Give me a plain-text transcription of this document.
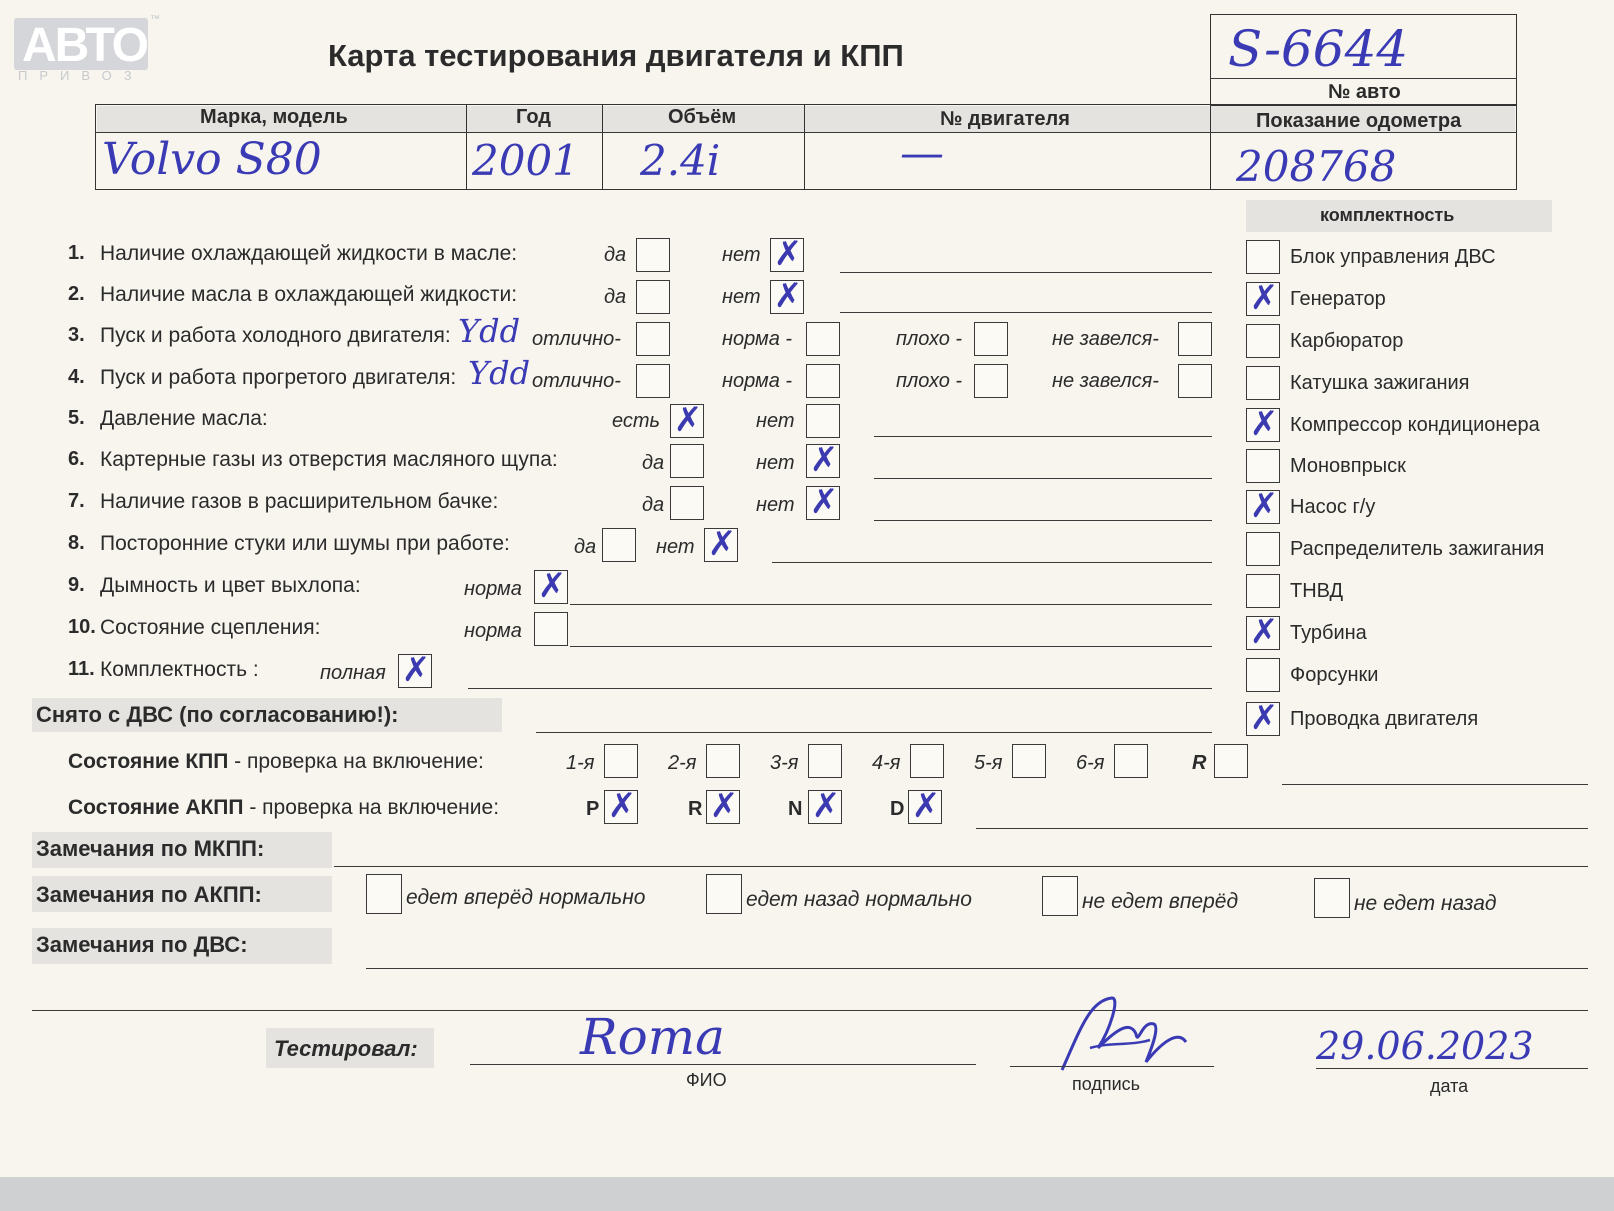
АВТО ™
ПРИВОЗ
Карта тестирования двигателя и КПП	S-6644
№ авто
Марка, модель	Год	Объём	№ двигателя	Показание одометра
Volvo S80	2001 2.4i	—	208768
комплектность
Блок управления ДВС
✗ Генератор
Карбюратор
Катушка зажигания
✗ Компрессор кондиционера
Моновпрыск
✗ Насос г/у
Распределитель зажигания
ТНВД
✗ Турбина
Форсунки
✗ Проводка двигателя
1. Наличие охлаждающей жидкости в масле:	да	нет ✗
2. Наличие масла в охлаждающей жидкости:	да	нет ✗
3. Пуск и работа холодного двигателя: Ydd отлично-	норма -	плохо -	не завелся-
4. Пуск и работа прогретого двигателя: Ydd отлично-	норма -	плохо -	не завелся-
5. Давление масла:	есть ✗	нет
6. Картерные газы из отверстия масляного щупа:	да	нет ✗
7. Наличие газов в расширительном бачке:	да	нет ✗
8. Посторонние стуки или шумы при работе:	да	нет ✗
9. Дымность и цвет выхлопа:	норма ✗
10. Состояние сцепления:	норма
11. Комплектность :	полная ✗
Снято с ДВС (по согласованию!):
Состояние КПП - проверка на включение:	1-я	2-я	3-я	4-я	5-я	6-я	R
Состояние АКПП - проверка на включение:	P ✗	R ✗ N ✗ D ✗
Замечания по МКПП:
Замечания по АКПП:	едет вперёд нормально	едет назад нормально	не едет вперёд	не едет назад
Замечания по ДВС:
Тестировал:	Roma
ФИО	подпись
29.06.2023
дата
